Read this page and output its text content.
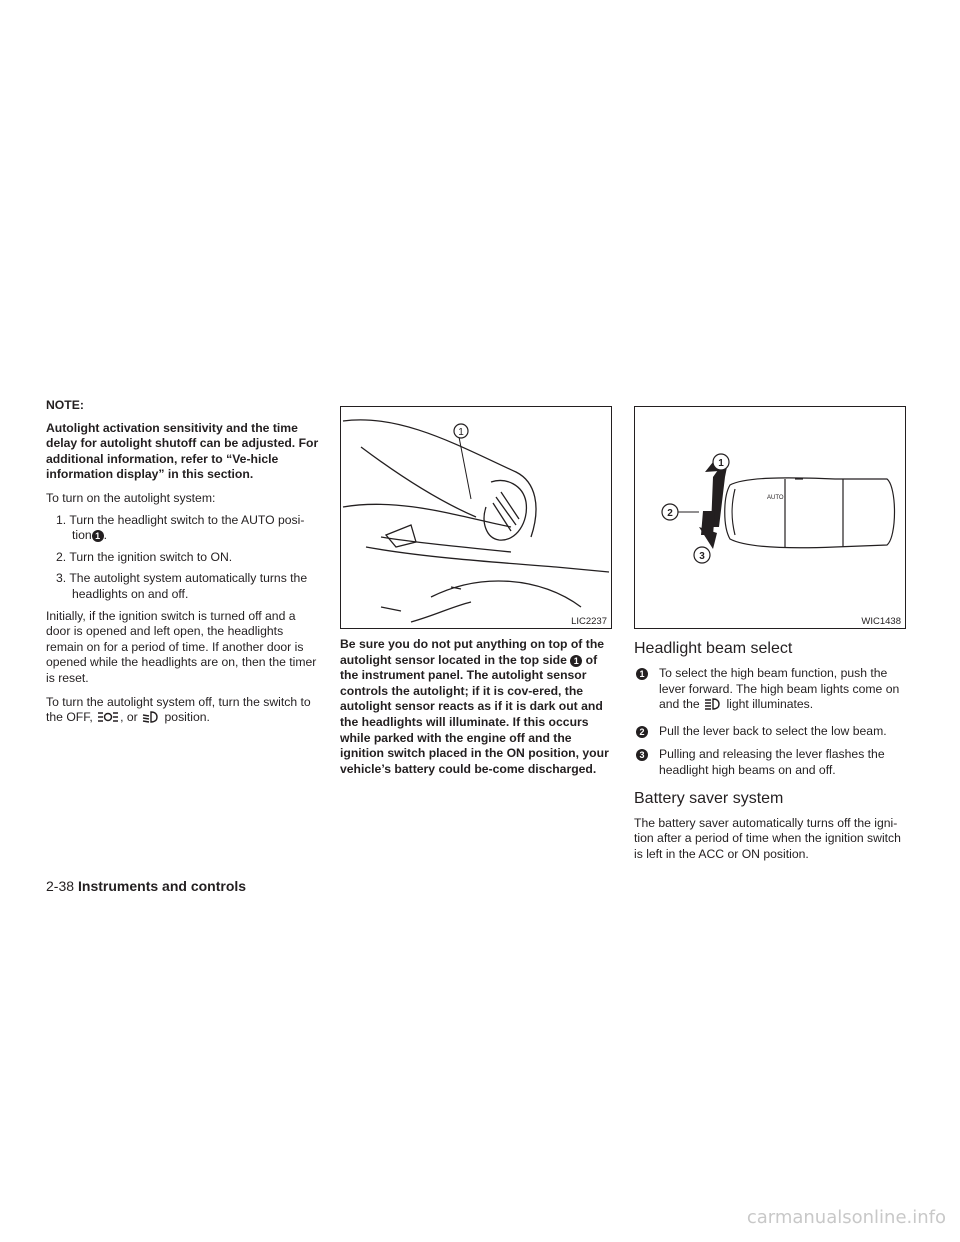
NOTE:

Autolight activation sensitivity and the time delay for autolight shutoff can be adjusted. For additional information, refer to “Ve-hicle information display” in this section.

To turn on the autolight system:

1. Turn the headlight switch to the AUTO posi-tion 1 .
2. Turn the ignition switch to ON.
3. The autolight system automatically turns the headlights on and off.

Initially, if the ignition switch is turned off and a door is opened and left open, the headlights remain on for a period of time. If another door is opened while the headlights are on, then the timer is reset.

To turn the autolight system off, turn the switch to the OFF, , or position.

1
LIC2237

Be sure you do not put anything on top of the autolight sensor located in the top side 1 of the instrument panel. The autolight sensor controls the autolight; if it is cov-ered, the autolight sensor reacts as if it is dark out and the headlights will illuminate. If this occurs while parked with the engine off and the ignition switch placed in the ON position, your vehicle’s battery could be-come discharged.

AUTO
1
2
3
WIC1438
Headlight beam select
1 To select the high beam function, push the lever forward. The high beam lights come on and the light illuminates.
2 Pull the lever back to select the low beam.
3 Pulling and releasing the lever flashes the headlight high beams on and off.
Battery saver system

The battery saver automatically turns off the igni-tion after a period of time when the ignition switch is left in the ACC or ON position.

2-38 Instruments and controls
carmanualsonline.info
